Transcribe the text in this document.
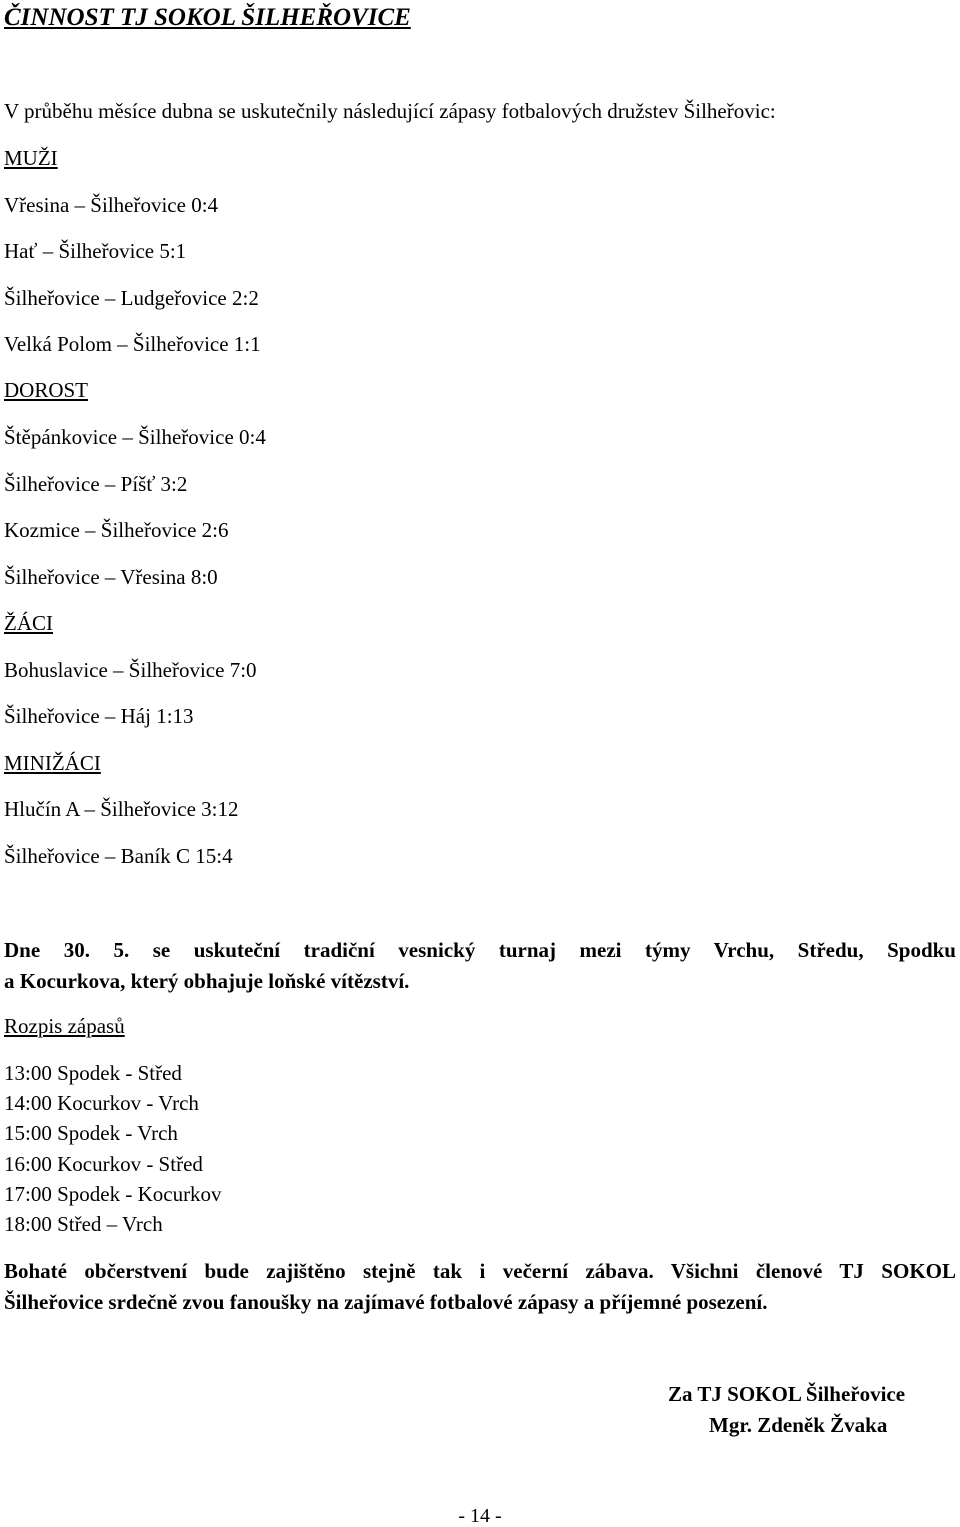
ČINNOST TJ SOKOL ŠILHEŘOVICE
V průběhu měsíce dubna se uskutečnily následující zápasy fotbalových družstev Šilheřovic:
MUŽI
Vřesina – Šilheřovice 0:4
Hať – Šilheřovice 5:1
Šilheřovice – Ludgeřovice 2:2
Velká Polom – Šilheřovice 1:1
DOROST
Štěpánkovice – Šilheřovice 0:4
Šilheřovice – Píšť 3:2
Kozmice – Šilheřovice 2:6
Šilheřovice – Vřesina 8:0
ŽÁCI
Bohuslavice – Šilheřovice 7:0
Šilheřovice – Háj 1:13
MINIŽÁCI
Hlučín A – Šilheřovice 3:12
Šilheřovice – Baník C 15:4
Dne 30. 5. se uskuteční tradiční vesnický turnaj mezi týmy Vrchu, Středu, Spodku
a Kocurkova, který obhajuje loňské vítězství.
Rozpis zápasů
13:00 Spodek - Střed
14:00 Kocurkov - Vrch
15:00 Spodek - Vrch
16:00 Kocurkov - Střed
17:00 Spodek - Kocurkov
18:00 Střed – Vrch
Bohaté občerstvení bude zajištěno stejně tak i večerní zábava. Všichni členové TJ SOKOL
Šilheřovice srdečně zvou fanoušky na zajímavé fotbalové zápasy a příjemné posezení.
Za TJ SOKOL Šilheřovice
Mgr. Zdeněk Žvaka
- 14 -
